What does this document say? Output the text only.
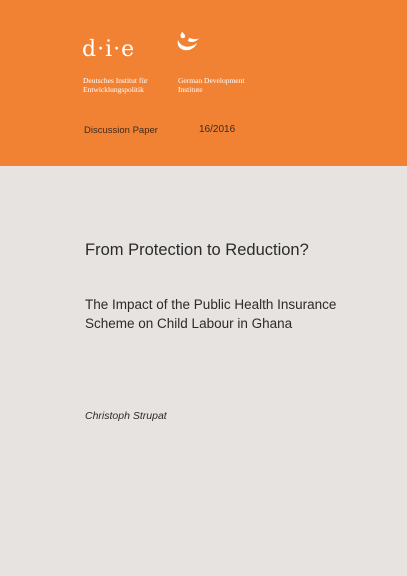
d·i·e
Deutsches Institut für
Entwicklungspolitik
German Development
Institute
Discussion Paper	16/2016
From Protection to Reduction?
The Impact of the Public Health Insurance Scheme on Child Labour in Ghana
Christoph Strupat
